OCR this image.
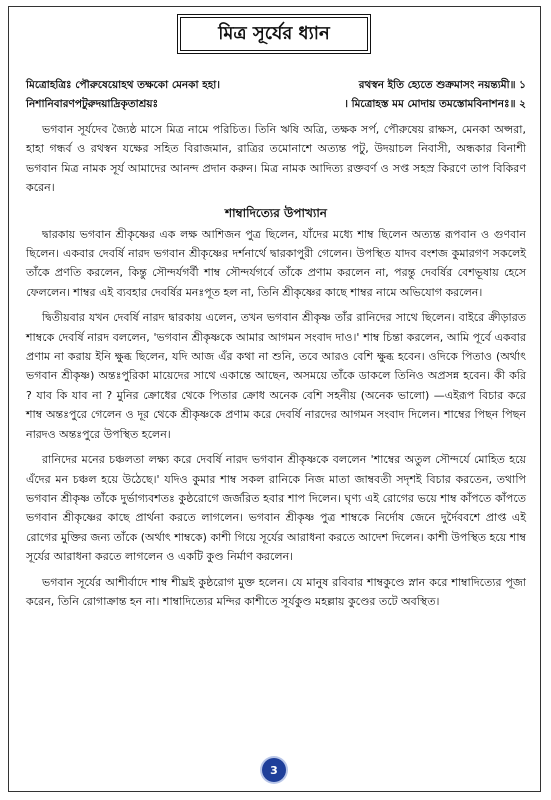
মিত্র সূর্যের ধ্যান
মিত্রোহত্রিঃ পৌরুষেয়োহথ তক্ষকো মেনকা হহা।	রথস্বন ইতি হ্যেতে শুক্রমাসং নয়ন্ত্যমী॥ ১
নিশানিবারণপটুরুদয়াদ্রিকৃতাশ্রয়ঃ	। মিত্রোহস্ত মম মোদায় তমস্তোমবিনাশনঃ॥ ২

ভগবান সূর্যদেব জ্যৈষ্ঠ মাসে মিত্র নামে পরিচিত। তিনি ঋষি অত্রি, তক্ষক সর্প, পৌরুষেয় রাক্ষস, মেনকা অপ্সরা, হাহা গন্ধর্ব ও রথস্বন যক্ষের সহিত বিরাজমান, রাত্রির তমোনাশে অত্যন্ত পটু, উদয়াচল নিবাসী, অন্ধকার বিনাশী ভগবান মিত্র নামক সূর্য আমাদের আনন্দ প্রদান করুন। মিত্র নামক আদিত্য রক্তবর্ণ ও সপ্ত সহস্র কিরণে তাপ বিকিরণ করেন।

শাম্বাদিত্যের উপাখ্যান

দ্বারকায় ভগবান শ্রীকৃষ্ণের এক লক্ষ আশিজন পুত্র ছিলেন, যাঁদের মধ্যে শাম্ব ছিলেন অত্যন্ত রূপবান ও গুণবান ছিলেন। একবার দেবর্ষি নারদ ভগবান শ্রীকৃষ্ণের দর্শনার্থে দ্বারকাপুরী গেলেন। উপস্থিত যাদব বংশজ কুমারগণ সকলেই তাঁকে প্রণতি করলেন, কিন্তু সৌন্দর্যগর্বী শাম্ব সৌন্দর্যগর্বে তাঁকে প্রণাম করলেন না, পরন্তু দেবর্ষির বেশভূষায় হেসে ফেললেন। শাম্বর এই ব্যবহার দেবর্ষির মনঃপূত হল না, তিনি শ্রীকৃষ্ণের কাছে শাম্বর নামে অভিযোগ করলেন।

দ্বিতীয়বার যখন দেবর্ষি নারদ দ্বারকায় এলেন, তখন ভগবান শ্রীকৃষ্ণ তাঁর রানিদের সাথে ছিলেন। বাইরে ক্রীড়ারত শাম্বকে দেবর্ষি নারদ বললেন, 'ভগবান শ্রীকৃষ্ণকে আমার আগমন সংবাদ দাও।' শাম্ব চিন্তা করলেন, আমি পূর্বে একবার প্রণাম না করায় ইনি ক্ষুব্ধ ছিলেন, যদি আজ এঁর কথা না শুনি, তবে আরও বেশি ক্ষুব্ধ হবেন। ওদিকে পিতাও (অর্থাৎ ভগবান শ্রীকৃষ্ণ) অন্তঃপুরিকা মায়েদের সাথে একান্তে আছেন, অসময়ে তাঁকে ডাকলে তিনিও অপ্রসন্ন হবেন। কী করি ? যাব কি যাব না ? মুনির ক্রোধের থেকে পিতার ক্রোধ অনেক বেশি সহনীয় (অনেক ভালো) —এইরূপ বিচার করে শাম্ব অন্তঃপুরে গেলেন ও দূর থেকে শ্রীকৃষ্ণকে প্রণাম করে দেবর্ষি নারদের আগমন সংবাদ দিলেন। শাম্বের পিছন পিছন নারদও অন্তঃপুরে উপস্থিত হলেন।

রানিদের মনের চঞ্চলতা লক্ষ্য করে দেবর্ষি নারদ ভগবান শ্রীকৃষ্ণকে বললেন 'শাম্বের অতুল সৌন্দর্যে মোহিত হয়ে এঁদের মন চঞ্চল হয়ে উঠেছে।' যদিও কুমার শাম্ব সকল রানিকে নিজ মাতা জাম্ববতী সদৃশই বিচার করতেন, তথাপি ভগবান শ্রীকৃষ্ণ তাঁকে দুর্ভাগ্যবশতঃ কুষ্ঠরোগে জর্জরিত হবার শাপ দিলেন। ঘৃণ্য এই রোগের ভয়ে শাম্ব কাঁপতে কাঁপতে ভগবান শ্রীকৃষ্ণের কাছে প্রার্থনা করতে লাগলেন। ভগবান শ্রীকৃষ্ণ পুত্র শাম্বকে নির্দোষ জেনে দুর্দৈববশে প্রাপ্ত এই রোগের মুক্তির জন্য তাঁকে (অর্থাৎ শাম্বকে) কাশী গিয়ে সূর্যের আরাধনা করতে আদেশ দিলেন। কাশী উপস্থিত হয়ে শাম্ব সূর্যের আরাধনা করতে লাগলেন ও একটি কুণ্ড নির্মাণ করলেন।

ভগবান সূর্যের আশীর্বাদে শাম্ব শীঘ্রই কুষ্ঠরোগ মুক্ত হলেন। যে মানুষ রবিবার শাম্বকুণ্ডে স্নান করে শাম্বাদিত্যের পূজা করেন, তিনি রোগাক্রান্ত হন না। শাম্বাদিত্যের মন্দির কাশীতে সূর্যকুণ্ড মহল্লায় কুণ্ডের তটে অবস্থিত।

3
